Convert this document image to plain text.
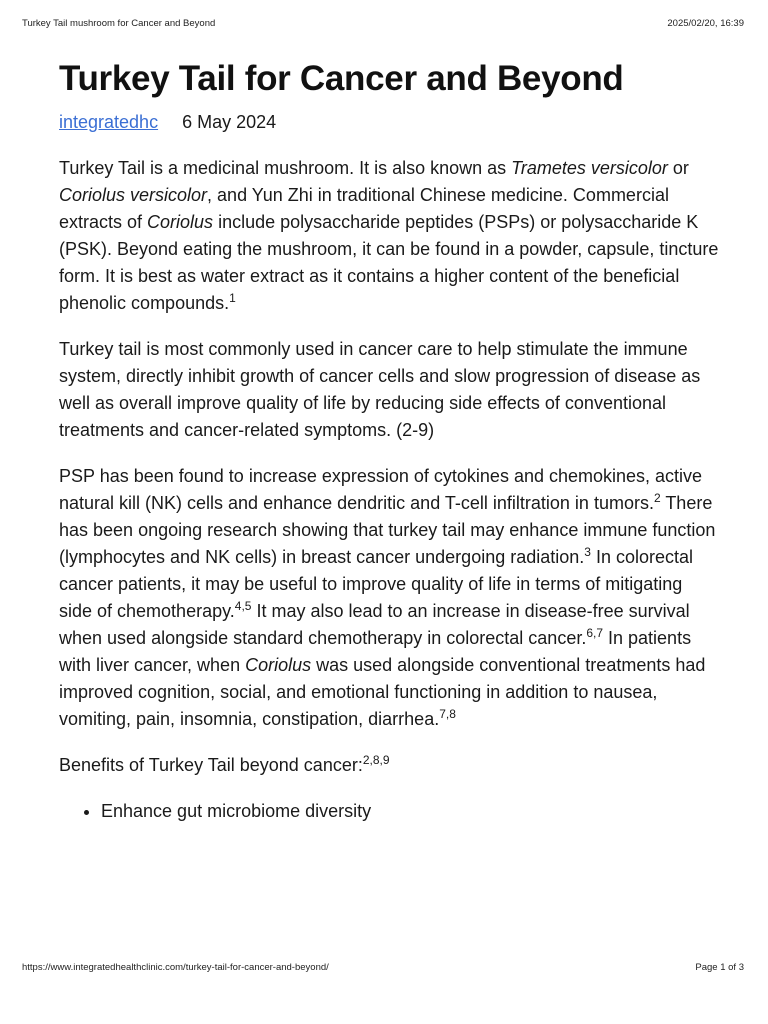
Turkey Tail mushroom for Cancer and Beyond	2025/02/20, 16:39
Turkey Tail for Cancer and Beyond
integratedhc 6 May 2024

Turkey Tail is a medicinal mushroom. It is also known as Trametes versicolor or Coriolus versicolor, and Yun Zhi in traditional Chinese medicine. Commercial extracts of Coriolus include polysaccharide peptides (PSPs) or polysaccharide K (PSK). Beyond eating the mushroom, it can be found in a powder, capsule, tincture form. It is best as water extract as it contains a higher content of the beneficial phenolic compounds.$^1$

Turkey tail is most commonly used in cancer care to help stimulate the immune system, directly inhibit growth of cancer cells and slow progression of disease as well as overall improve quality of life by reducing side effects of conventional treatments and cancer-related symptoms. (2-9)

PSP has been found to increase expression of cytokines and chemokines, active natural kill (NK) cells and enhance dendritic and T-cell infiltration in tumors.$^2$ There has been ongoing research showing that turkey tail may enhance immune function (lymphocytes and NK cells) in breast cancer undergoing radiation.$^3$ In colorectal cancer patients, it may be useful to improve quality of life in terms of mitigating side of chemotherapy.$^{4,5}$ It may also lead to an increase in disease-free survival when used alongside standard chemotherapy in colorectal cancer.$^{6,7}$ In patients with liver cancer, when Coriolus was used alongside conventional treatments had improved cognition, social, and emotional functioning in addition to nausea, vomiting, pain, insomnia, constipation, diarrhea.$^{7,8}$

Benefits of Turkey Tail beyond cancer:$^{2,8,9}$

• Enhance gut microbiome diversity
https://www.integratedhealthclinic.com/turkey-tail-for-cancer-and-beyond/	Page 1 of 3
